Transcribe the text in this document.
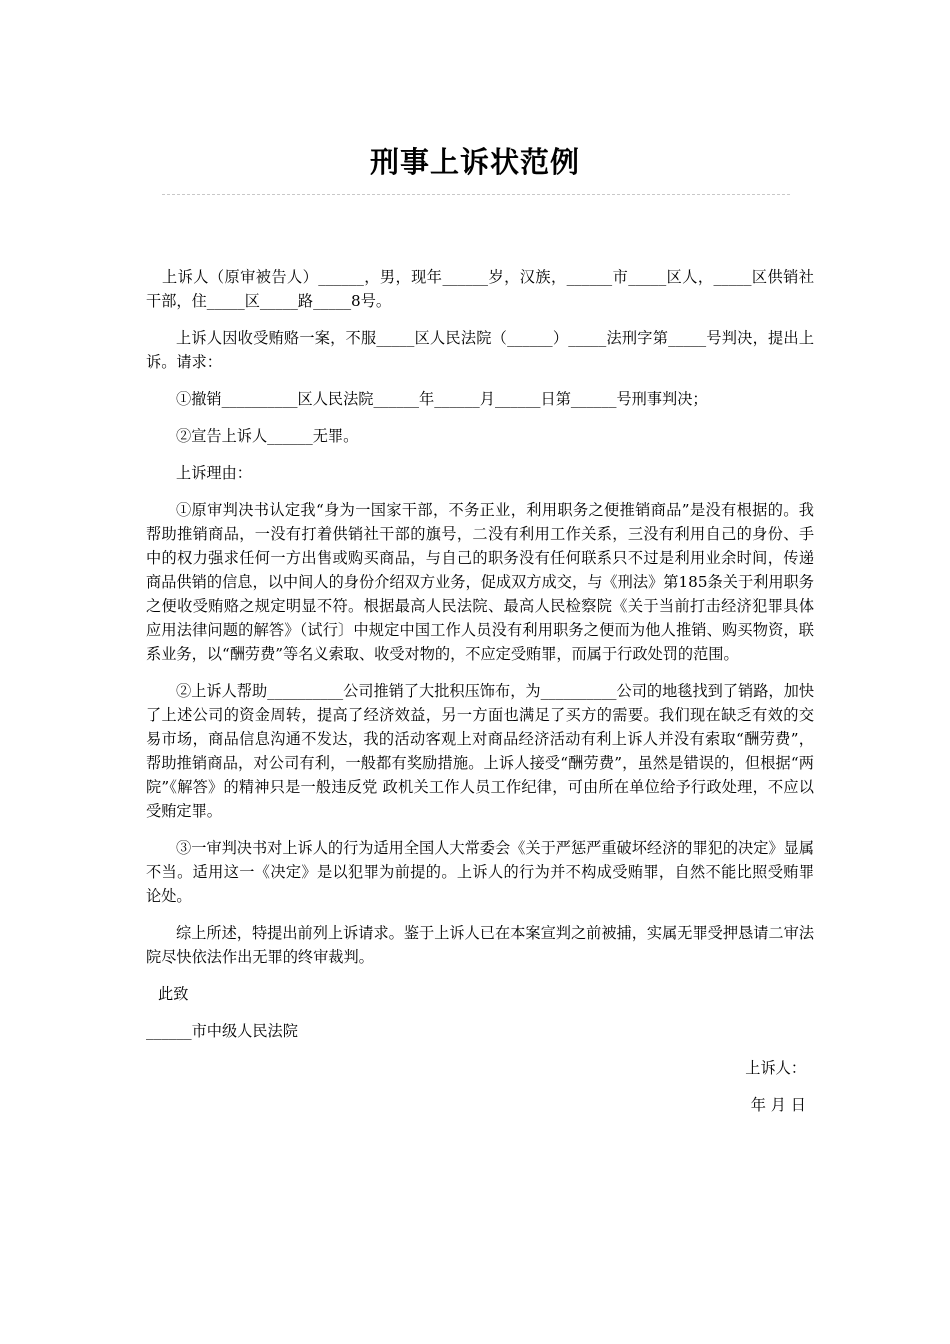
刑事上诉状范例

上诉人（原审被告人）______，男，现年______岁，汉族，______市_____区人，_____区供销社干部，住_____区_____路_____8号。

上诉人因收受贿赂一案，不服_____区人民法院（______）_____法刑字第_____号判决，提出上诉。请求：

①撤销__________区人民法院______年______月______日第______号刑事判决；

②宣告上诉人______无罪。

上诉理由：

①原审判决书认定我“身为一国家干部，不务正业，利用职务之便推销商品”是没有根据的。我帮助推销商品，一没有打着供销社干部的旗号，二没有利用工作关系，三没有利用自己的身份、手中的权力强求任何一方出售或购买商品，与自己的职务没有任何联系只不过是利用业余时间，传递商品供销的信息，以中间人的身份介绍双方业务，促成双方成交，与《刑法》第185条关于利用职务之便收受贿赂之规定明显不符。根据最高人民法院、最高人民检察院《关于当前打击经济犯罪具体应用法律问题的解答》（试行〕中规定中国工作人员没有利用职务之便而为他人推销、购买物资，联系业务，以“酬劳费”等名义索取、收受对物的，不应定受贿罪，而属于行政处罚的范围。

②上诉人帮助__________公司推销了大批积压饰布，为__________公司的地毯找到了销路，加快了上述公司的资金周转，提高了经济效益，另一方面也满足了买方的需要。我们现在缺乏有效的交易市场，商品信息沟通不发达，我的活动客观上对商品经济活动有利上诉人并没有索取“酬劳费”，帮助推销商品，对公司有利，一般都有奖励措施。上诉人接受“酬劳费”，虽然是错误的，但根据“两院”《解答》的精神只是一般违反党 政机关工作人员工作纪律，可由所在单位给予行政处理，不应以受贿定罪。

③一审判决书对上诉人的行为适用全国人大常委会《关于严惩严重破坏经济的罪犯的决定》显属不当。适用这一《决定》是以犯罪为前提的。上诉人的行为并不构成受贿罪，自然不能比照受贿罪论处。

综上所述，特提出前列上诉请求。鉴于上诉人已在本案宣判之前被捕，实属无罪受押恳请二审法院尽快依法作出无罪的终审裁判。

此致

______市中级人民法院

上诉人：

年 月 日
